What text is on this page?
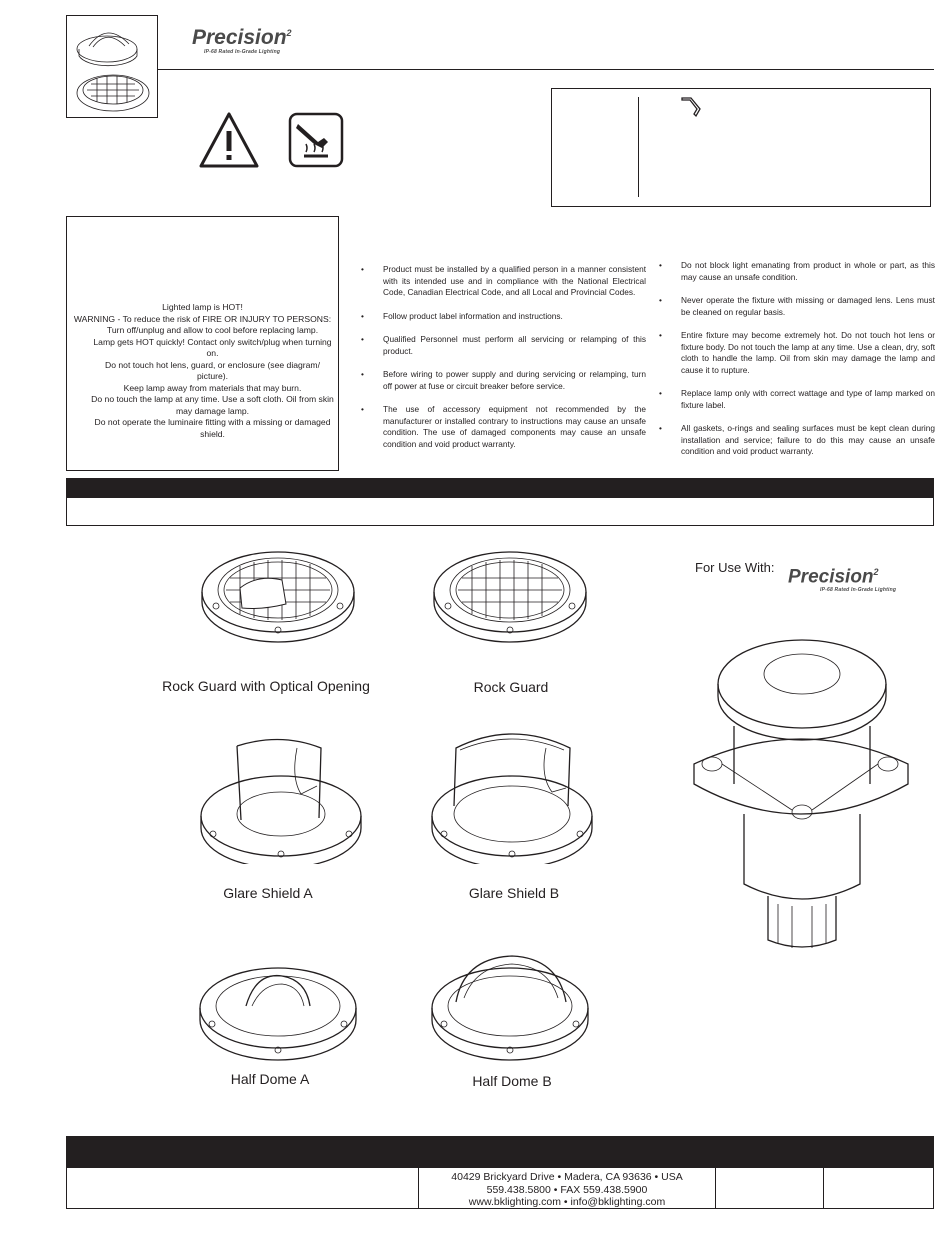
Precision$^2$
IP-68 Rated In-Grade Lighting
Lighted lamp is HOT!
WARNING - To reduce the risk of FIRE OR INJURY TO PERSONS:
Turn off/unplug and allow to cool before replacing lamp.
Lamp gets HOT quickly! Contact only switch/plug when turning on.
Do not touch hot lens, guard, or enclosure (see diagram/ picture).
Keep lamp away from materials that may burn.
Do no touch the lamp at any time. Use a soft cloth. Oil from skin may damage lamp.
Do not operate the luminaire fitting with a missing or damaged shield.
• Product must be installed by a qualified person in a manner consistent with its intended use and in compliance with the National Electrical Code, Canadian Electrical Code, and all Local and Provincial Codes.
• Follow product label information and instructions.
• Qualified Personnel must perform all servicing or relamping of this product.
• Before wiring to power supply and during servicing or relamping, turn off power at fuse or circuit breaker before service.
• The use of accessory equipment not recommended by the manufacturer or installed contrary to instructions may cause an unsafe condition. The use of damaged components may cause an unsafe condition and void product warranty.
• Do not block light emanating from product in whole or part, as this may cause an unsafe condition.
• Never operate the fixture with missing or damaged lens. Lens must be cleaned on regular basis.
• Entire fixture may become extremely hot. Do not touch hot lens or fixture body. Do not touch the lamp at any time. Use a clean, dry, soft cloth to handle the lamp. Oil from skin may damage the lamp and cause it to rupture.
• Replace lamp only with correct wattage and type of lamp marked on fixture label.
• All gaskets, o-rings and sealing surfaces must be kept clean during installation and service; failure to do this may cause an unsafe condition and void product warranty.
Rock Guard with Optical Opening	Rock Guard
For Use With: Precision$^2$
IP-68 Rated In-Grade Lighting
Glare Shield A	Glare Shield B
Half Dome A	Half Dome B
40429 Brickyard Drive • Madera, CA 93636 • USA
559.438.5800 • FAX 559.438.5900
www.bklighting.com • info@bklighting.com
